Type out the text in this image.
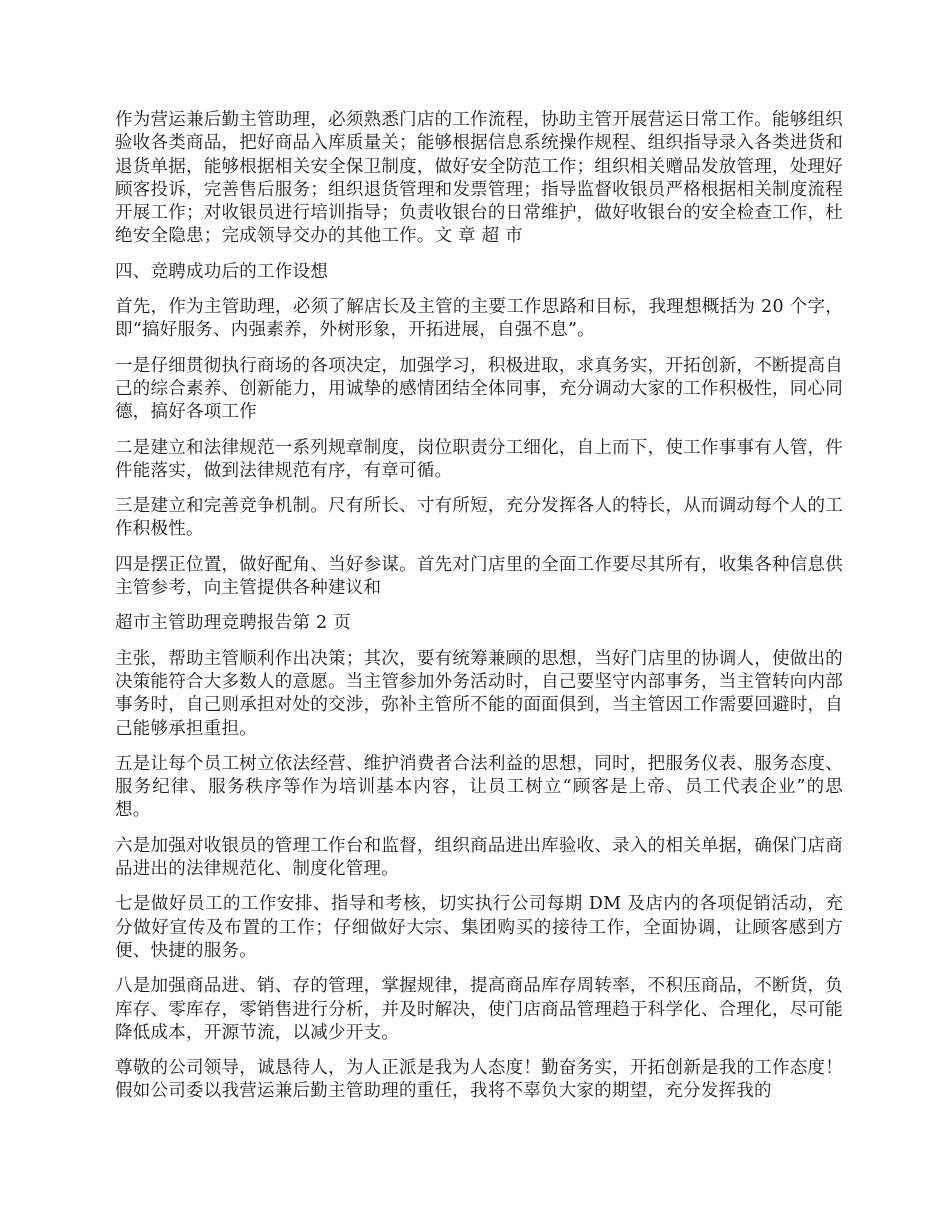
作为营运兼后勤主管助理，必须熟悉门店的工作流程，协助主管开展营运日常工作。能够组织验收各类商品，把好商品入库质量关；能够根据信息系统操作规程、组织指导录入各类进货和退货单据，能够根据相关安全保卫制度，做好安全防范工作；组织相关赠品发放管理，处理好顾客投诉，完善售后服务；组织退货管理和发票管理；指导监督收银员严格根据相关制度流程开展工作；对收银员进行培训指导；负责收银台的日常维护，做好收银台的安全检查工作，杜绝安全隐患；完成领导交办的其他工作。文 章 超 市

四、竞聘成功后的工作设想

首先，作为主管助理，必须了解店长及主管的主要工作思路和目标，我理想概括为 20 个字，即“搞好服务、内强素养，外树形象，开拓进展，自强不息”。

一是仔细贯彻执行商场的各项决定，加强学习，积极进取，求真务实，开拓创新，不断提高自己的综合素养、创新能力，用诚挚的感情团结全体同事，充分调动大家的工作积极性，同心同德，搞好各项工作

二是建立和法律规范一系列规章制度，岗位职责分工细化，自上而下，使工作事事有人管，件件能落实，做到法律规范有序，有章可循。

三是建立和完善竞争机制。尺有所长、寸有所短，充分发挥各人的特长，从而调动每个人的工作积极性。

四是摆正位置，做好配角、当好参谋。首先对门店里的全面工作要尽其所有，收集各种信息供主管参考，向主管提供各种建议和

超市主管助理竞聘报告第 2 页

主张，帮助主管顺利作出决策；其次，要有统筹兼顾的思想，当好门店里的协调人，使做出的决策能符合大多数人的意愿。当主管参加外务活动时，自己要坚守内部事务，当主管转向内部事务时，自己则承担对处的交涉，弥补主管所不能的面面俱到，当主管因工作需要回避时，自己能够承担重担。

五是让每个员工树立依法经营、维护消费者合法利益的思想，同时，把服务仪表、服务态度、服务纪律、服务秩序等作为培训基本内容，让员工树立“顾客是上帝、员工代表企业”的思想。

六是加强对收银员的管理工作台和监督，组织商品进出库验收、录入的相关单据，确保门店商品进出的法律规范化、制度化管理。

七是做好员工的工作安排、指导和考核，切实执行公司每期 DM 及店内的各项促销活动，充分做好宣传及布置的工作；仔细做好大宗、集团购买的接待工作，全面协调，让顾客感到方便、快捷的服务。

八是加强商品进、销、存的管理，掌握规律，提高商品库存周转率，不积压商品，不断货，负库存、零库存，零销售进行分析，并及时解决，使门店商品管理趋于科学化、合理化，尽可能降低成本，开源节流，以减少开支。

尊敬的公司领导，诚恳待人，为人正派是我为人态度！勤奋务实，开拓创新是我的工作态度！假如公司委以我营运兼后勤主管助理的重任，我将不辜负大家的期望，充分发挥我的
